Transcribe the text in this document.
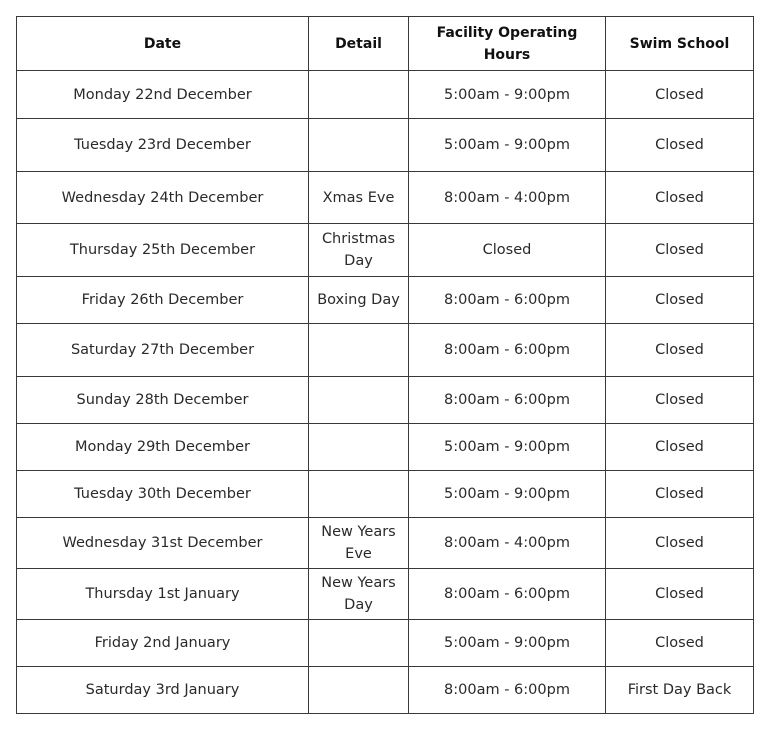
Date	Detail	Facility Operating Hours	Swim School
Monday 22nd December		5:00am - 9:00pm	Closed
Tuesday 23rd December		5:00am - 9:00pm	Closed
Wednesday 24th December	Xmas Eve	8:00am - 4:00pm	Closed
Thursday 25th December	Christmas Day	Closed	Closed
Friday 26th December	Boxing Day	8:00am - 6:00pm	Closed
Saturday 27th December		8:00am - 6:00pm	Closed
Sunday 28th December		8:00am - 6:00pm	Closed
Monday 29th December		5:00am - 9:00pm	Closed
Tuesday 30th December		5:00am - 9:00pm	Closed
Wednesday 31st December	New Years Eve	8:00am - 4:00pm	Closed
Thursday 1st January	New Years Day	8:00am - 6:00pm	Closed
Friday 2nd January		5:00am - 9:00pm	Closed
Saturday 3rd January		8:00am - 6:00pm	First Day Back
